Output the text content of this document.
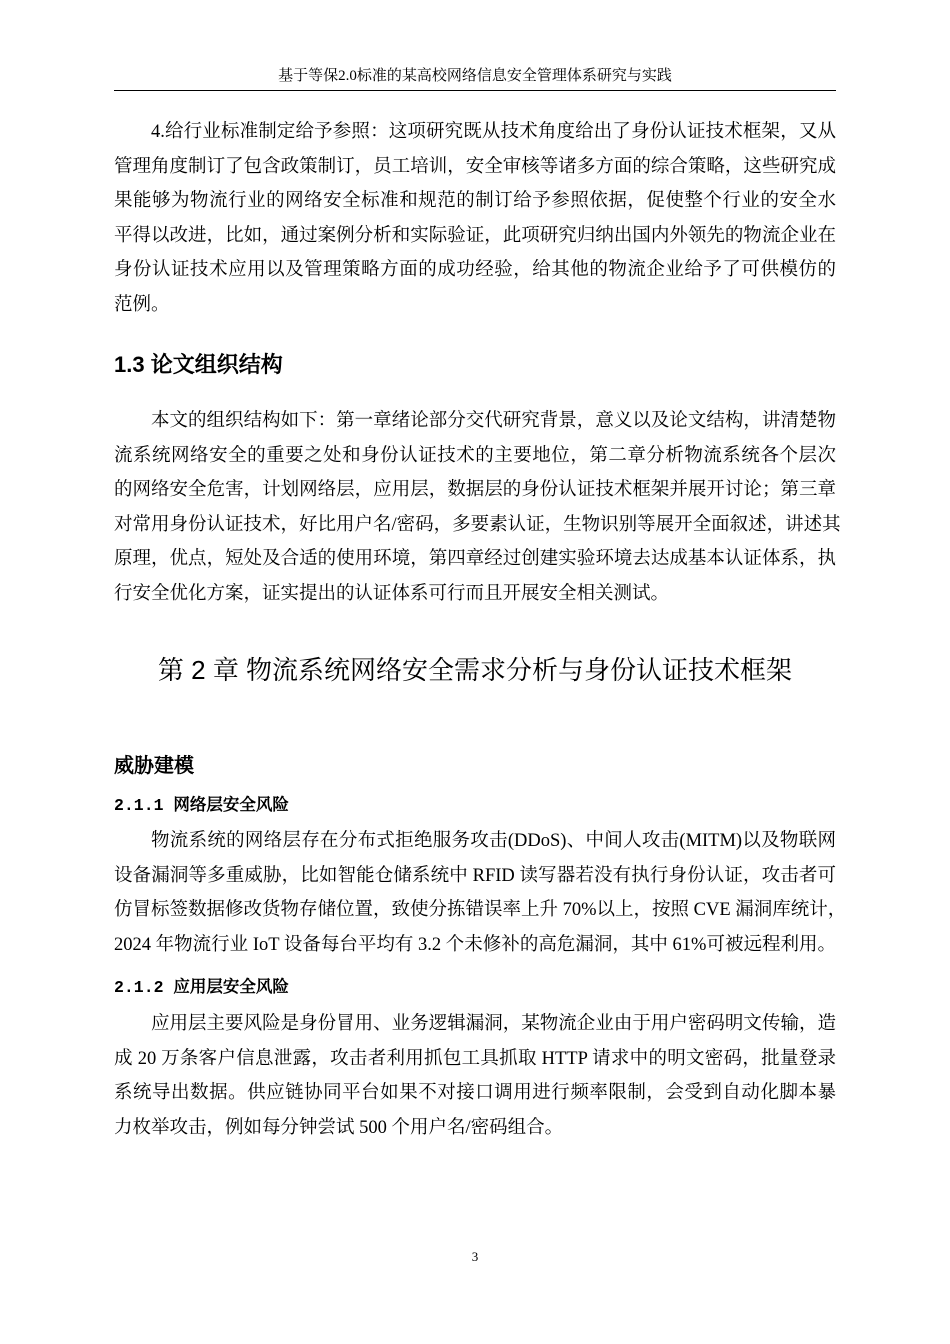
基于等保2.0标准的某高校网络信息安全管理体系研究与实践
4.给行业标准制定给予参照：这项研究既从技术角度给出了身份认证技术框架，又从
管理角度制订了包含政策制订，员工培训，安全审核等诸多方面的综合策略，这些研究成
果能够为物流行业的网络安全标准和规范的制订给予参照依据，促使整个行业的安全水
平得以改进，比如，通过案例分析和实际验证，此项研究归纳出国内外领先的物流企业在
身份认证技术应用以及管理策略方面的成功经验，给其他的物流企业给予了可供模仿的
范例。
1.3 论文组织结构
本文的组织结构如下：第一章绪论部分交代研究背景，意义以及论文结构，讲清楚物
流系统网络安全的重要之处和身份认证技术的主要地位，第二章分析物流系统各个层次
的网络安全危害，计划网络层，应用层，数据层的身份认证技术框架并展开讨论；第三章
对常用身份认证技术，好比用户名/密码，多要素认证，生物识别等展开全面叙述，讲述其
原理，优点，短处及合适的使用环境，第四章经过创建实验环境去达成基本认证体系，执
行安全优化方案，证实提出的认证体系可行而且开展安全相关测试。
第 2 章 物流系统网络安全需求分析与身份认证技术框架
威胁建模
2.1.1 网络层安全风险
物流系统的网络层存在分布式拒绝服务攻击(DDoS)、中间人攻击(MITM)以及物联网
设备漏洞等多重威胁，比如智能仓储系统中 RFID 读写器若没有执行身份认证，攻击者可
仿冒标签数据修改货物存储位置，致使分拣错误率上升 70%以上，按照 CVE 漏洞库统计，
2024 年物流行业 IoT 设备每台平均有 3.2 个未修补的高危漏洞，其中 61%可被远程利用。
2.1.2 应用层安全风险
应用层主要风险是身份冒用、业务逻辑漏洞，某物流企业由于用户密码明文传输，造
成 20 万条客户信息泄露，攻击者利用抓包工具抓取 HTTP 请求中的明文密码，批量登录
系统导出数据。供应链协同平台如果不对接口调用进行频率限制，会受到自动化脚本暴
力枚举攻击，例如每分钟尝试 500 个用户名/密码组合。
3
